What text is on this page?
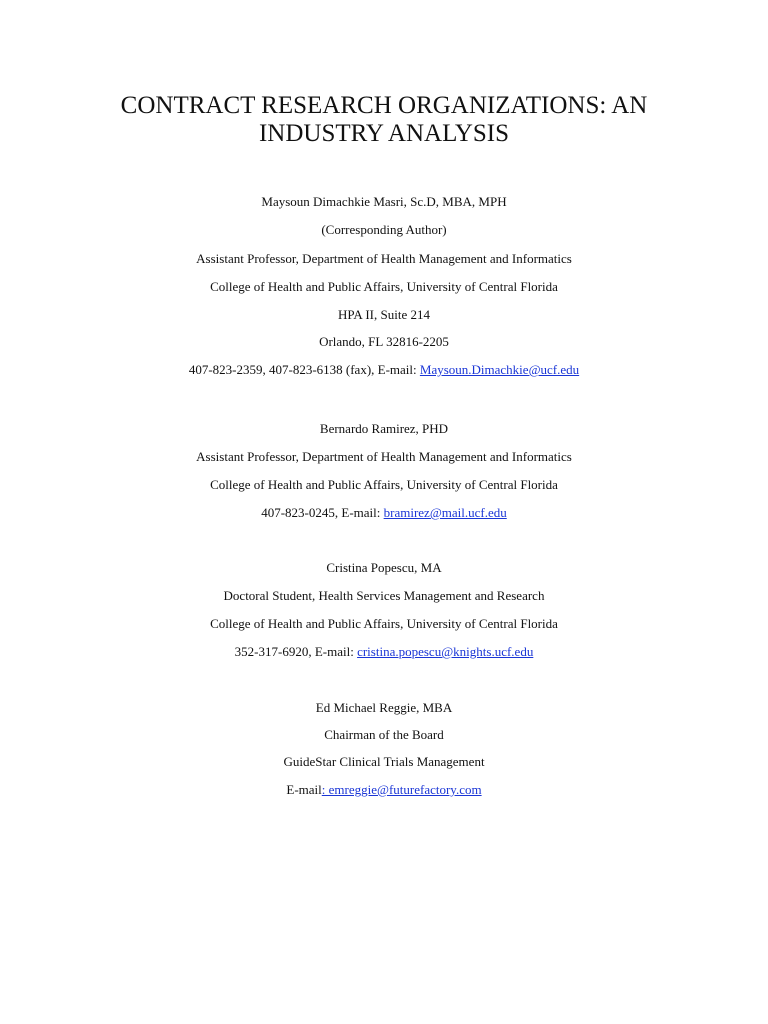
CONTRACT RESEARCH ORGANIZATIONS: AN
INDUSTRY ANALYSIS
Maysoun Dimachkie Masri, Sc.D, MBA, MPH
(Corresponding Author)
Assistant Professor, Department of Health Management and Informatics
College of Health and Public Affairs, University of Central Florida
HPA II, Suite 214
Orlando, FL 32816-2205
407-823-2359, 407-823-6138 (fax), E-mail: Maysoun.Dimachkie@ucf.edu
Bernardo Ramirez, PHD
Assistant Professor, Department of Health Management and Informatics
College of Health and Public Affairs, University of Central Florida
407-823-0245, E-mail: bramirez@mail.ucf.edu
Cristina Popescu, MA
Doctoral Student, Health Services Management and Research
College of Health and Public Affairs, University of Central Florida
352-317-6920, E-mail: cristina.popescu@knights.ucf.edu
Ed Michael Reggie, MBA
Chairman of the Board
GuideStar Clinical Trials Management
E-mail: emreggie@futurefactory.com
